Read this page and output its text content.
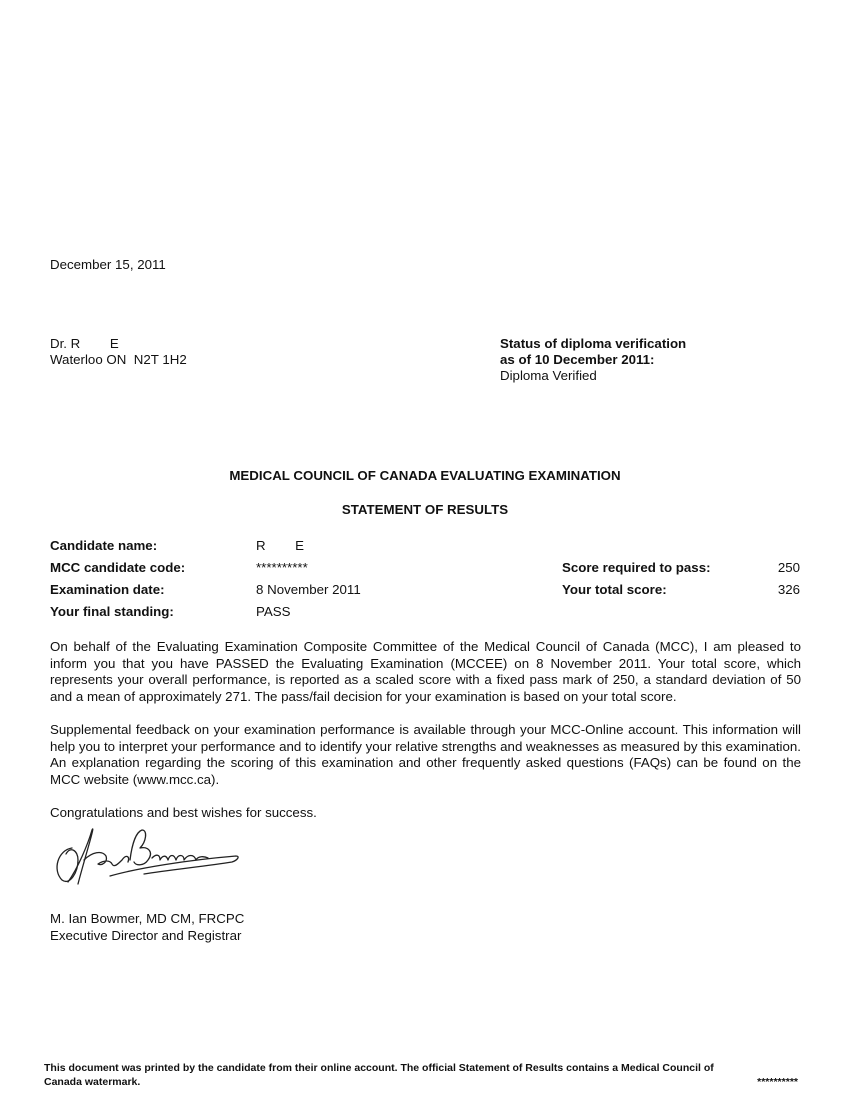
December 15, 2011
Dr. R        E
Waterloo ON  N2T 1H2
Status of diploma verification
as of 10 December 2011:
Diploma Verified
MEDICAL COUNCIL OF CANADA EVALUATING EXAMINATION
STATEMENT OF RESULTS
Candidate name:	R        E
MCC candidate code:	**********
Examination date:	8 November 2011
Your final standing:	PASS
Score required to pass:	250
Your total score:	326
On behalf of the Evaluating Examination Composite Committee of the Medical Council of Canada (MCC), I am pleased to inform you that you have PASSED the Evaluating Examination (MCCEE) on 8 November 2011. Your total score, which represents your overall performance, is reported as a scaled score with a fixed pass mark of 250, a standard deviation of 50 and a mean of approximately 271. The pass/fail decision for your examination is based on your total score.
Supplemental feedback on your examination performance is available through your MCC-Online account. This information will help you to interpret your performance and to identify your relative strengths and weaknesses as measured by this examination. An explanation regarding the scoring of this examination and other frequently asked questions (FAQs) can be found on the MCC website (www.mcc.ca).
Congratulations and best wishes for success.
M. Ian Bowmer, MD CM, FRCPC
Executive Director and Registrar
This document was printed by the candidate from their online account. The official Statement of Results contains a Medical Council of
Canada watermark.	**********
